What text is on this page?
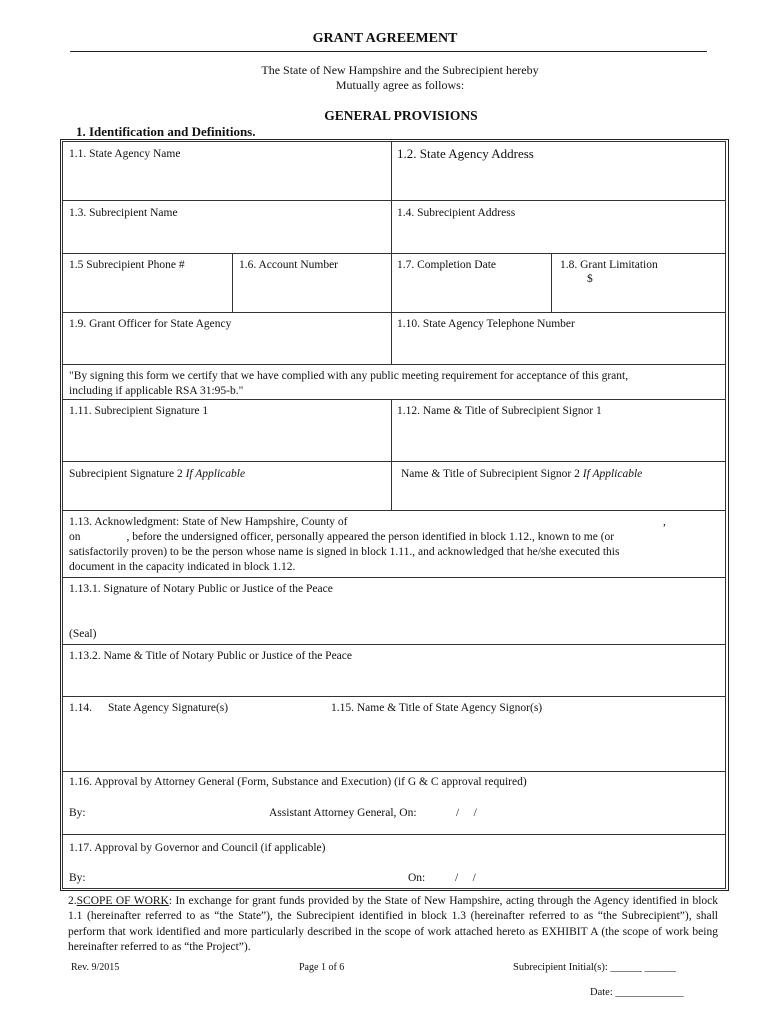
GRANT AGREEMENT
The State of New Hampshire and the Subrecipient hereby
Mutually agree as follows:
GENERAL PROVISIONS
1. Identification and Definitions.
1.1. State Agency Name	1.2. State Agency Address
1.3. Subrecipient Name	1.4. Subrecipient Address
1.5 Subrecipient Phone #	1.6. Account Number	1.7. Completion Date	1.8. Grant Limitation
$
1.9. Grant Officer for State Agency	1.10. State Agency Telephone Number
"By signing this form we certify that we have complied with any public meeting requirement for acceptance of this grant,
including if applicable RSA 31:95-b."
1.11. Subrecipient Signature 1	1.12. Name & Title of Subrecipient Signor 1
Subrecipient Signature 2 If Applicable	Name & Title of Subrecipient Signor 2 If Applicable
1.13. Acknowledgment: State of New Hampshire, County of	,
on                , before the undersigned officer, personally appeared the person identified in block 1.12., known to me (or
satisfactorily proven) to be the person whose name is signed in block 1.11., and acknowledged that he/she executed this
document in the capacity indicated in block 1.12.
1.13.1. Signature of Notary Public or Justice of the Peace
(Seal)
1.13.2. Name & Title of Notary Public or Justice of the Peace
1.14. State Agency Signature(s)	1.15. Name & Title of State Agency Signor(s)
1.16. Approval by Attorney General (Form, Substance and Execution) (if G & C approval required)
By:	Assistant Attorney General, On:	/     /
1.17. Approval by Governor and Council (if applicable)
By:	On:	/     /
2.SCOPE OF WORK: In exchange for grant funds provided by the State of New Hampshire, acting through the Agency identified in block 1.1 (hereinafter referred to as “the State”), the Subrecipient identified in block 1.3 (hereinafter referred to as “the Subrecipient”), shall perform that work identified and more particularly described in the scope of work attached hereto as EXHIBIT A (the scope of work being hereinafter referred to as “the Project”).
Rev. 9/2015	Page 1 of 6	Subrecipient Initial(s): ______ ______
Date: _____________
